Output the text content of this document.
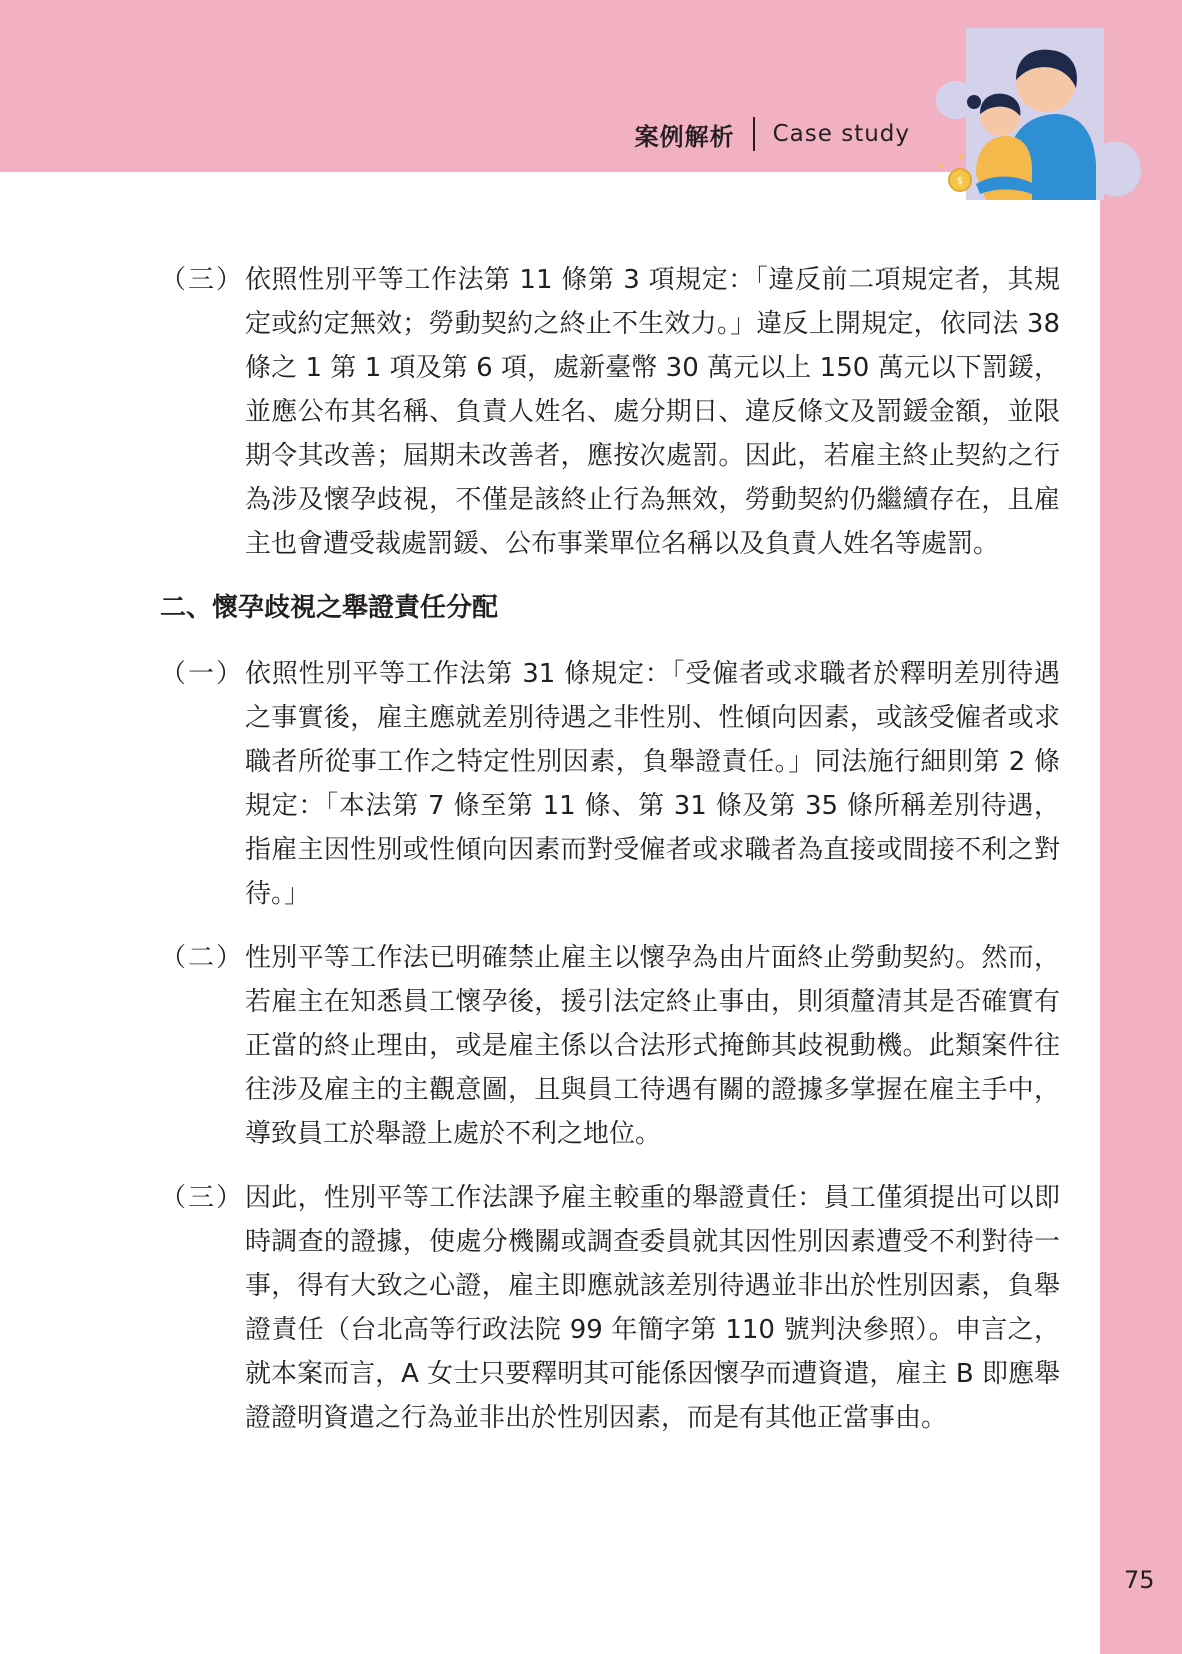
案例解析 Case study
$
（三） 依照性別平等工作法第 11 條第 3 項規定：「違反前二項規定者，其規定或約定無效；勞動契約之終止不生效力。」違反上開規定，依同法 38 條之 1 第 1 項及第 6 項，處新臺幣 30 萬元以上 150 萬元以下罰鍰，並應公布其名稱、負責人姓名、處分期日、違反條文及罰鍰金額，並限期令其改善；屆期未改善者，應按次處罰。因此，若雇主終止契約之行為涉及懷孕歧視，不僅是該終止行為無效，勞動契約仍繼續存在，且雇主也會遭受裁處罰鍰、公布事業單位名稱以及負責人姓名等處罰。
二、懷孕歧視之舉證責任分配
（一） 依照性別平等工作法第 31 條規定：「受僱者或求職者於釋明差別待遇之事實後，雇主應就差別待遇之非性別、性傾向因素，或該受僱者或求職者所從事工作之特定性別因素，負舉證責任。」同法施行細則第 2 條規定：「本法第 7 條至第 11 條、第 31 條及第 35 條所稱差別待遇，指雇主因性別或性傾向因素而對受僱者或求職者為直接或間接不利之對待。」
（二） 性別平等工作法已明確禁止雇主以懷孕為由片面終止勞動契約。然而，若雇主在知悉員工懷孕後，援引法定終止事由，則須釐清其是否確實有正當的終止理由，或是雇主係以合法形式掩飾其歧視動機。此類案件往往涉及雇主的主觀意圖，且與員工待遇有關的證據多掌握在雇主手中，導致員工於舉證上處於不利之地位。
（三） 因此，性別平等工作法課予雇主較重的舉證責任：員工僅須提出可以即時調查的證據，使處分機關或調查委員就其因性別因素遭受不利對待一事，得有大致之心證，雇主即應就該差別待遇並非出於性別因素，負舉證責任（台北高等行政法院 99 年簡字第 110 號判決參照）。申言之，就本案而言，A 女士只要釋明其可能係因懷孕而遭資遣，雇主 B 即應舉證證明資遣之行為並非出於性別因素，而是有其他正當事由。
75
